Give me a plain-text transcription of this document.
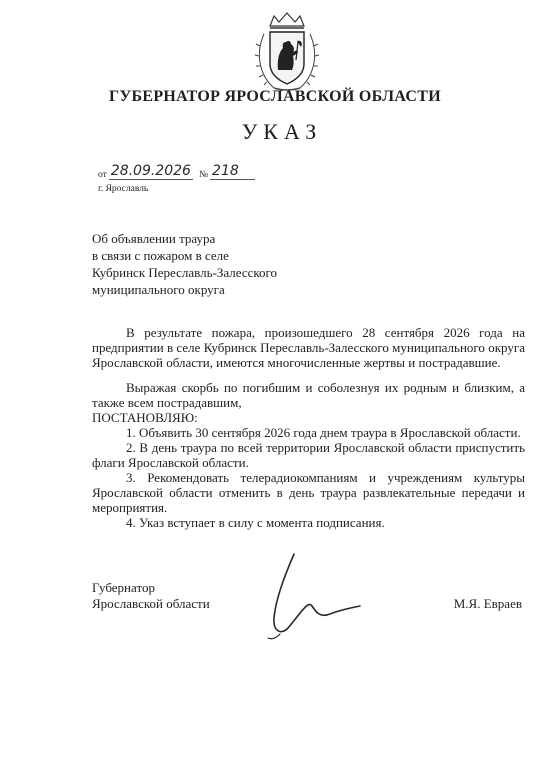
ГУБЕРНАТОР ЯРОСЛАВСКОЙ ОБЛАСТИ
УКАЗ
от 28.09.2026 № 218
г. Ярославль
Об объявлении траура
в связи с пожаром в селе
Кубринск Переславль-Залесского
муниципального округа

В результате пожара, произошедшего 28 сентября 2026 года на предприятии в селе Кубринск Переславль-Залесского муниципального округа Ярославской области, имеются многочисленные жертвы и пострадавшие.

Выражая скорбь по погибшим и соболезнуя их родным и близким, а также всем пострадавшим,

ПОСТАНОВЛЯЮ:

1. Объявить 30 сентября 2026 года днем траура в Ярославской области.

2. В день траура по всей территории Ярославской области приспустить флаги Ярославской области.

3. Рекомендовать телерадиокомпаниям и учреждениям культуры Ярославской области отменить в день траура развлекательные передачи и мероприятия.

4. Указ вступает в силу с момента подписания.

Губернатор
Ярославской области	М.Я. Евраев
